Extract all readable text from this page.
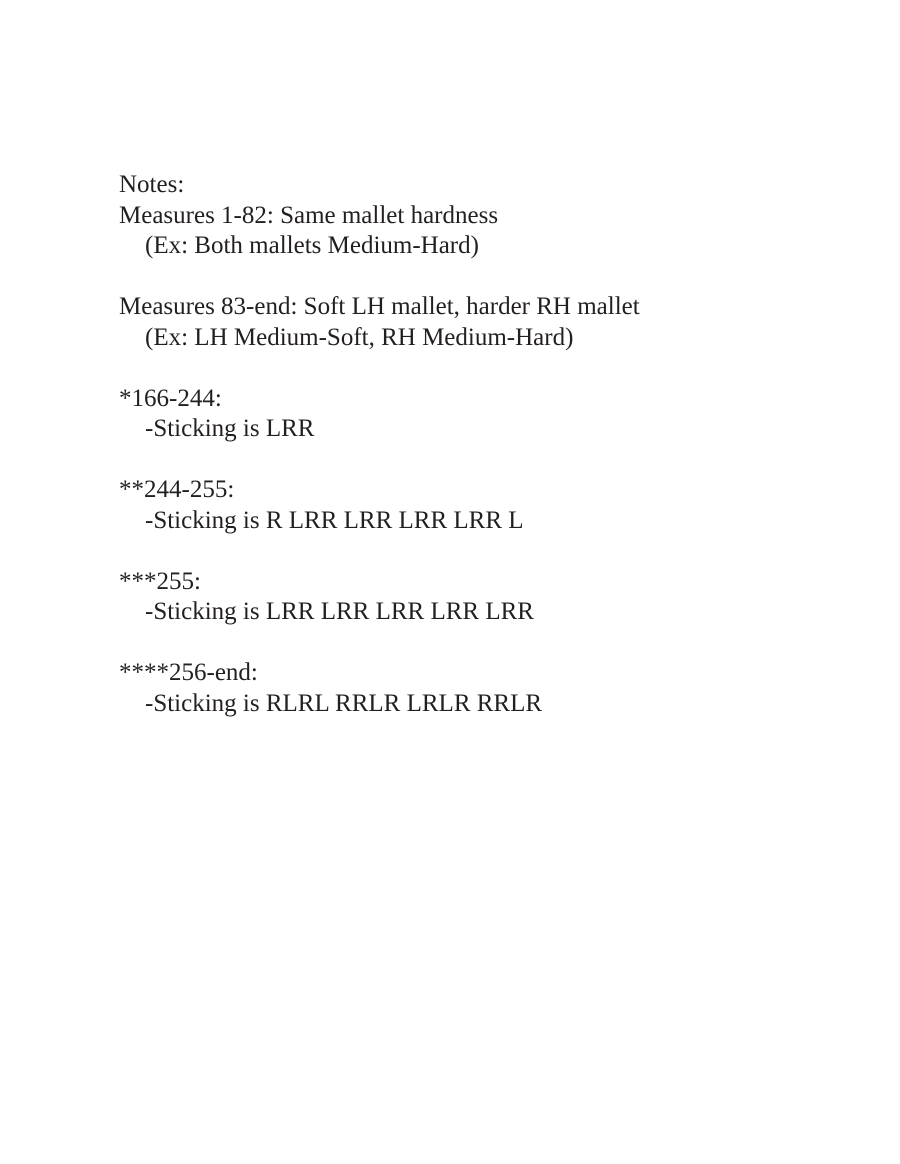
Notes:
Measures 1-82: Same mallet hardness
(Ex: Both mallets Medium-Hard)
Measures 83-end: Soft LH mallet, harder RH mallet
(Ex: LH Medium-Soft, RH Medium-Hard)
*166-244:
-Sticking is LRR
**244-255:
-Sticking is R LRR LRR LRR LRR L
***255:
-Sticking is LRR LRR LRR LRR LRR
****256-end:
-Sticking is RLRL RRLR LRLR RRLR
